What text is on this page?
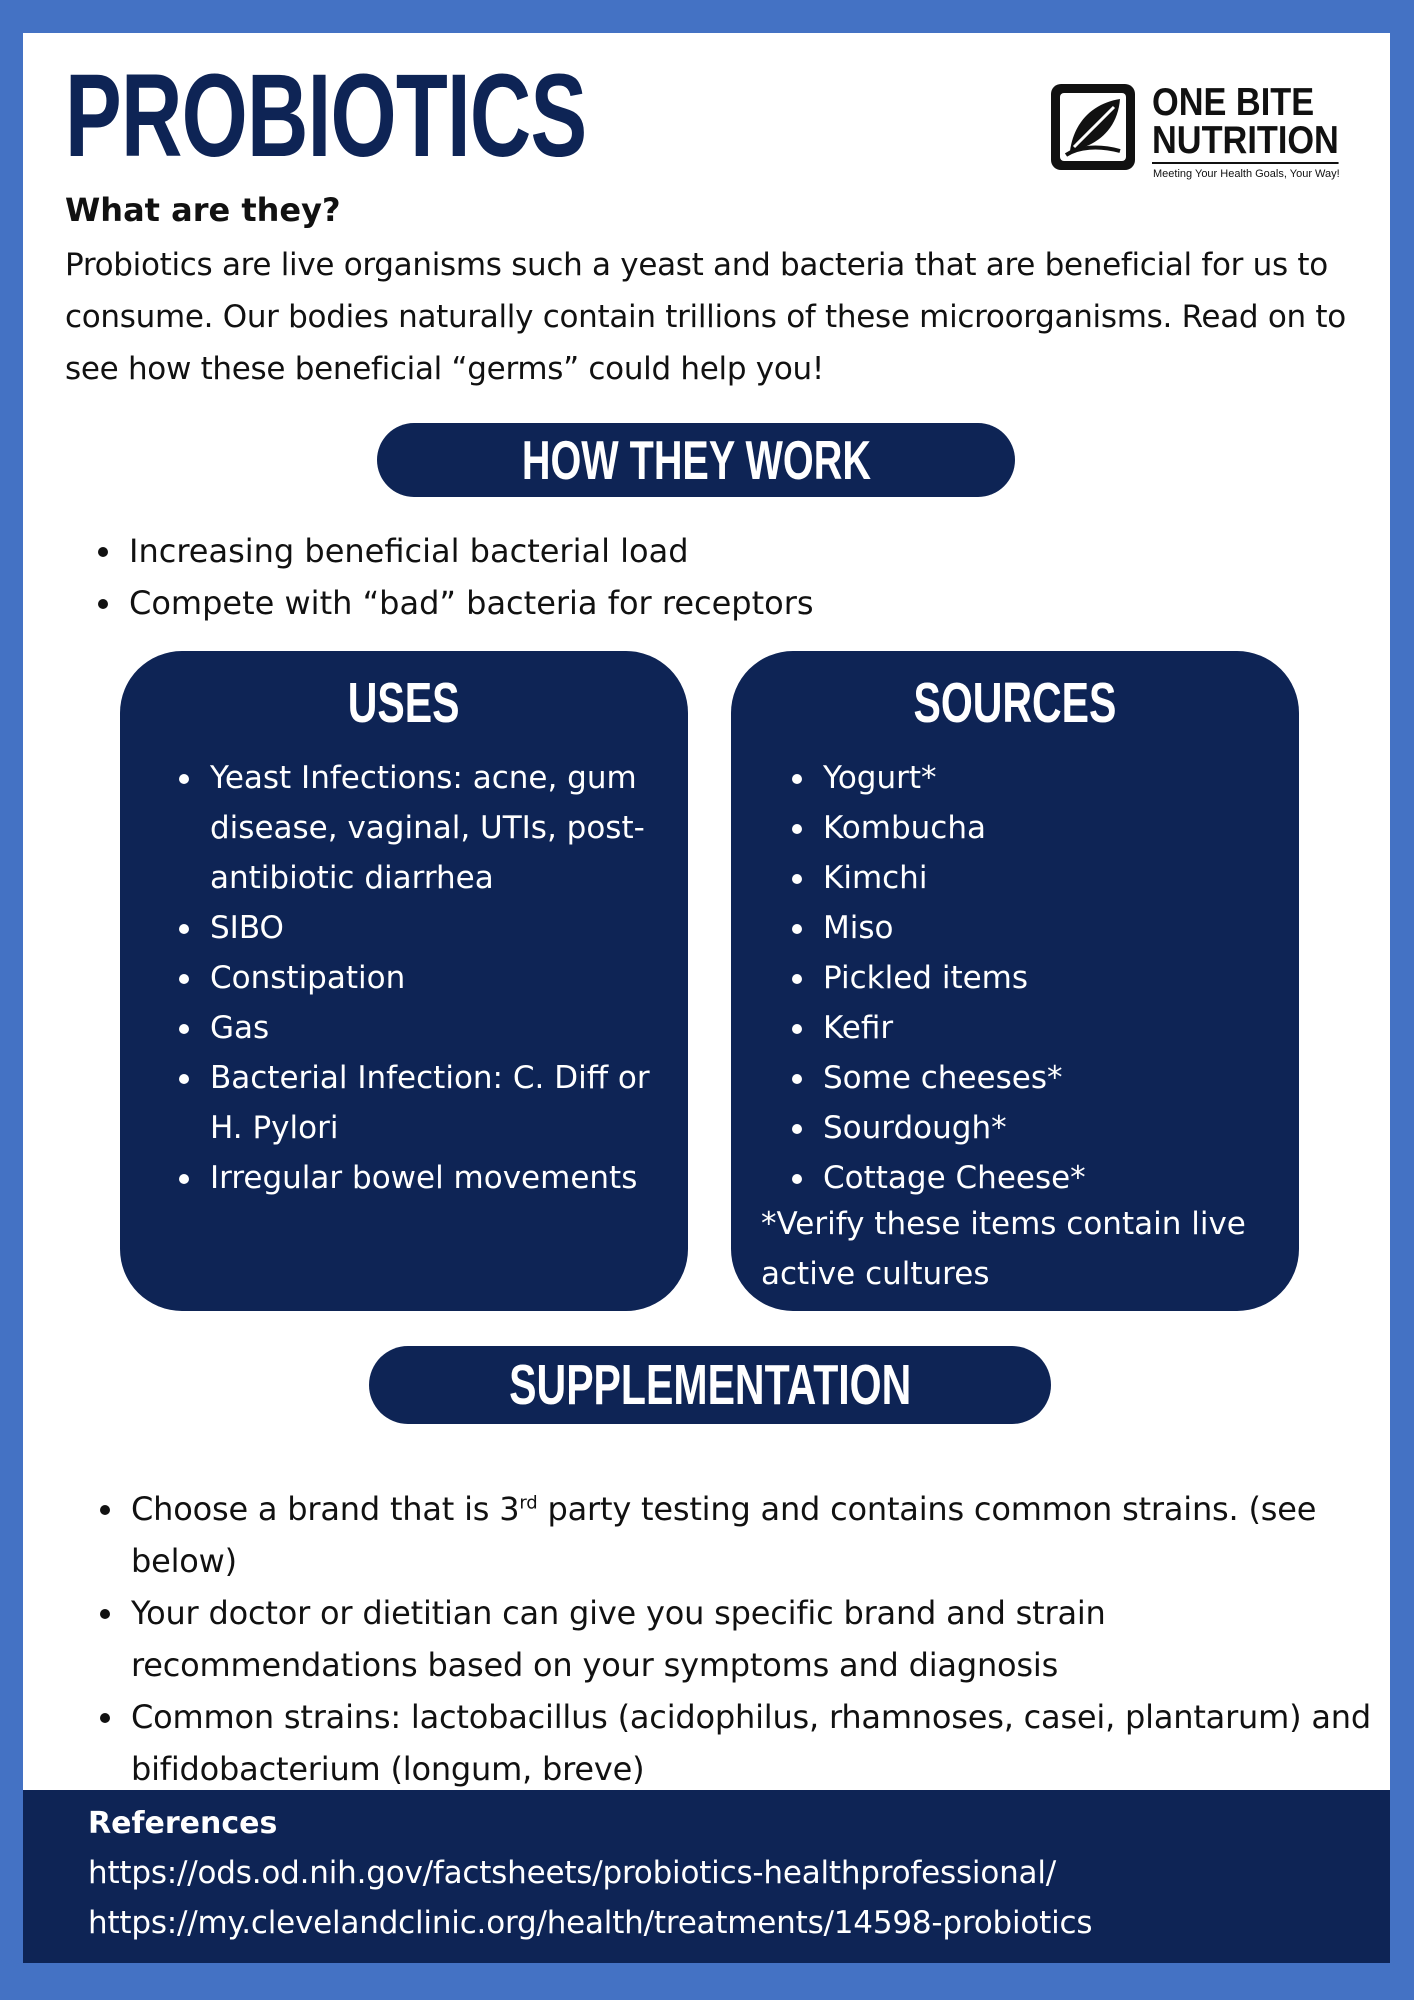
PROBIOTICS	ONE BITE
NUTRITION
Meeting Your Health Goals, Your Way!
What are they?

Probiotics are live organisms such a yeast and bacteria that are beneficial for us to consume. Our bodies naturally contain trillions of these microorganisms. Read on to see how these beneficial “germs” could help you!

HOW THEY WORK
Increasing beneficial bacterial load
Compete with “bad” bacteria for receptors
USES
Yeast Infections: acne, gum disease, vaginal, UTIs, post-antibiotic diarrhea
SIBO
Constipation
Gas
Bacterial Infection: C. Diff or H. Pylori
Irregular bowel movements
SOURCES
Yogurt*
Kombucha
Kimchi
Miso
Pickled items
Kefir
Some cheeses*
Sourdough*
Cottage Cheese*

*Verify these items contain live active cultures

SUPPLEMENTATION
Choose a brand that is 3rd party testing and contains common strains. (see below)
Your doctor or dietitian can give you specific brand and strain recommendations based on your symptoms and diagnosis
Common strains: lactobacillus (acidophilus, rhamnoses, casei, plantarum) and bifidobacterium (longum, breve)
References
https://ods.od.nih.gov/factsheets/probiotics-healthprofessional/
https://my.clevelandclinic.org/health/treatments/14598-probiotics
